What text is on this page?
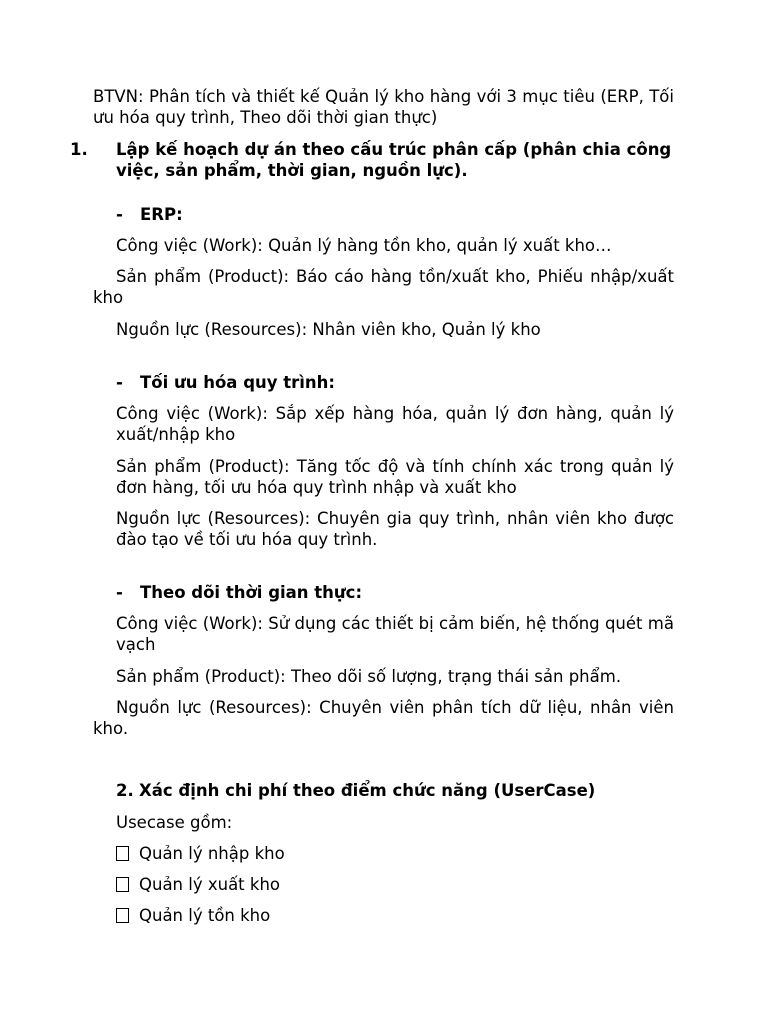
BTVN: Phân tích và thiết kế Quản lý kho hàng với 3 mục tiêu (ERP, Tối ưu hóa quy trình, Theo dõi thời gian thực)

1. Lập kế hoạch dự án theo cấu trúc phân cấp (phân chia công việc, sản phẩm, thời gian, nguồn lực).

- ERP:

Công việc (Work): Quản lý hàng tồn kho, quản lý xuất kho…

Sản phẩm (Product): Báo cáo hàng tồn/xuất kho, Phiếu nhập/xuất kho

Nguồn lực (Resources): Nhân viên kho, Quản lý kho

- Tối ưu hóa quy trình:

Công việc (Work): Sắp xếp hàng hóa, quản lý đơn hàng, quản lý xuất/nhập kho

Sản phẩm (Product): Tăng tốc độ và tính chính xác trong quản lý đơn hàng, tối ưu hóa quy trình nhập và xuất kho

Nguồn lực (Resources): Chuyên gia quy trình, nhân viên kho được đào tạo về tối ưu hóa quy trình.

- Theo dõi thời gian thực:

Công việc (Work): Sử dụng các thiết bị cảm biến, hệ thống quét mã vạch

Sản phẩm (Product): Theo dõi số lượng, trạng thái sản phẩm.

Nguồn lực (Resources): Chuyên viên phân tích dữ liệu, nhân viên kho.

2. Xác định chi phí theo điểm chức năng (UserCase)

Usecase gồm:

Quản lý nhập kho

Quản lý xuất kho

Quản lý tồn kho
